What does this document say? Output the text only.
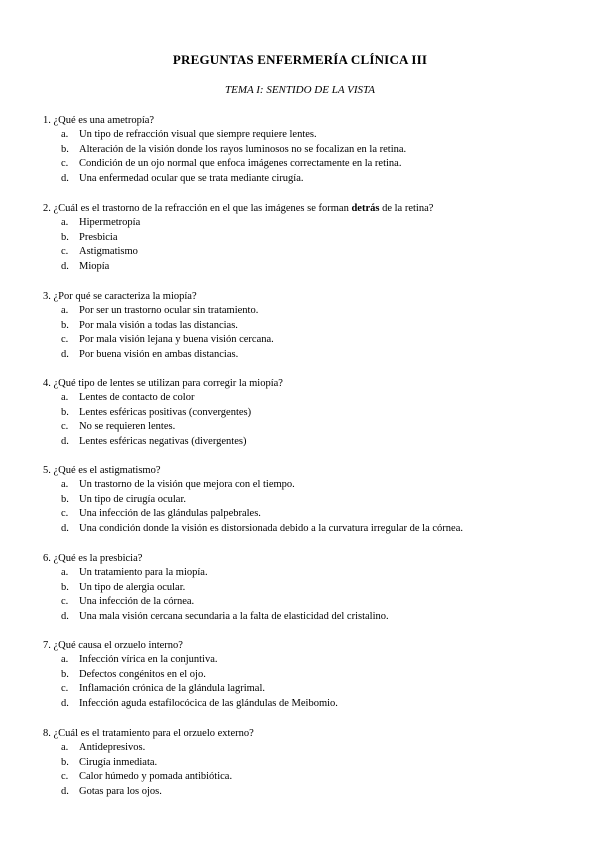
PREGUNTAS ENFERMERÍA CLÍNICA III
TEMA I: SENTIDO DE LA VISTA
1. ¿Qué es una ametropía?
a. Un tipo de refracción visual que siempre requiere lentes.
b. Alteración de la visión donde los rayos luminosos no se focalizan en la retina.
c. Condición de un ojo normal que enfoca imágenes correctamente en la retina.
d. Una enfermedad ocular que se trata mediante cirugía.
2. ¿Cuál es el trastorno de la refracción en el que las imágenes se forman detrás de la retina?
a. Hipermetropía
b. Presbicia
c. Astigmatismo
d. Miopía
3. ¿Por qué se caracteriza la miopía?
a. Por ser un trastorno ocular sin tratamiento.
b. Por mala visión a todas las distancias.
c. Por mala visión lejana y buena visión cercana.
d. Por buena visión en ambas distancias.
4. ¿Qué tipo de lentes se utilizan para corregir la miopía?
a. Lentes de contacto de color
b. Lentes esféricas positivas (convergentes)
c. No se requieren lentes.
d. Lentes esféricas negativas (divergentes)
5. ¿Qué es el astigmatismo?
a. Un trastorno de la visión que mejora con el tiempo.
b. Un tipo de cirugía ocular.
c. Una infección de las glándulas palpebrales.
d. Una condición donde la visión es distorsionada debido a la curvatura irregular de la córnea.
6. ¿Qué es la presbicia?
a. Un tratamiento para la miopía.
b. Un tipo de alergia ocular.
c. Una infección de la córnea.
d. Una mala visión cercana secundaria a la falta de elasticidad del cristalino.
7. ¿Qué causa el orzuelo interno?
a. Infección vírica en la conjuntiva.
b. Defectos congénitos en el ojo.
c. Inflamación crónica de la glándula lagrimal.
d. Infección aguda estafilocócica de las glándulas de Meibomio.
8. ¿Cuál es el tratamiento para el orzuelo externo?
a. Antidepresivos.
b. Cirugía inmediata.
c. Calor húmedo y pomada antibiótica.
d. Gotas para los ojos.
